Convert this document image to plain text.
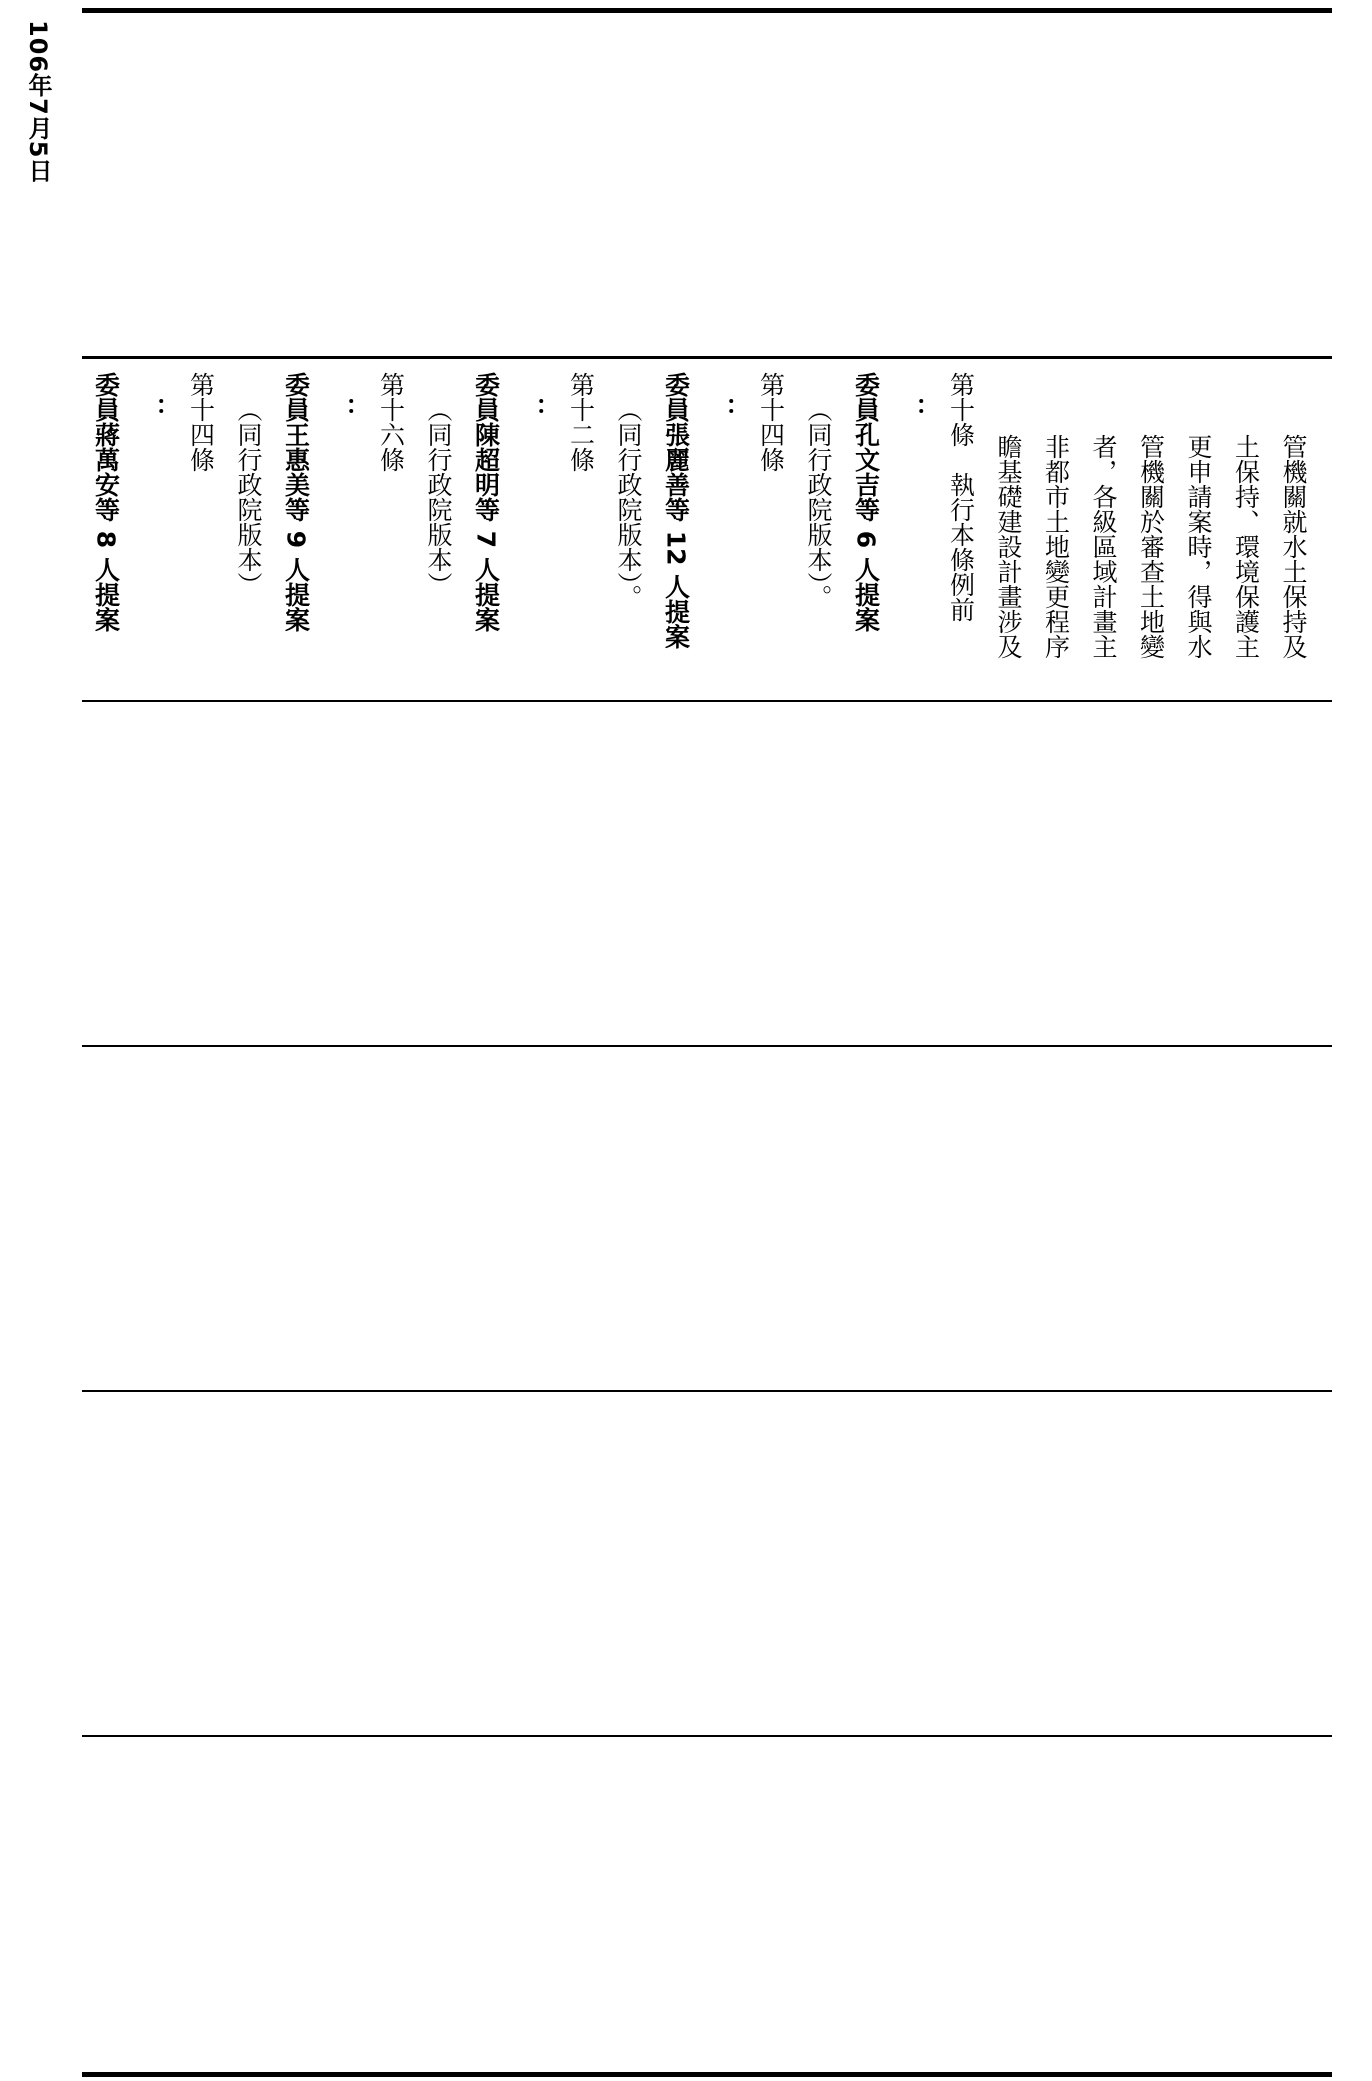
106年7月5日
委員蔣萬安等 8 人提案 ： 第十四條 （同行政院版本） 委員王惠美等 9 人提案 ： 第十六條 （同行政院版本） 委員陳超明等 7 人提案 ： 第十二條 （同行政院版本）。 委員張麗善等 12 人提案 ： 第十四條 （同行政院版本）。 委員孔文吉等 6 人提案 ： 第十條　執行本條例前 瞻基礎建設計畫涉及 非都市土地變更程序 者，各級區域計畫主 管機關於審查土地變 更申請案時，得與水 土保持、環境保護主 管機關就水土保持及
